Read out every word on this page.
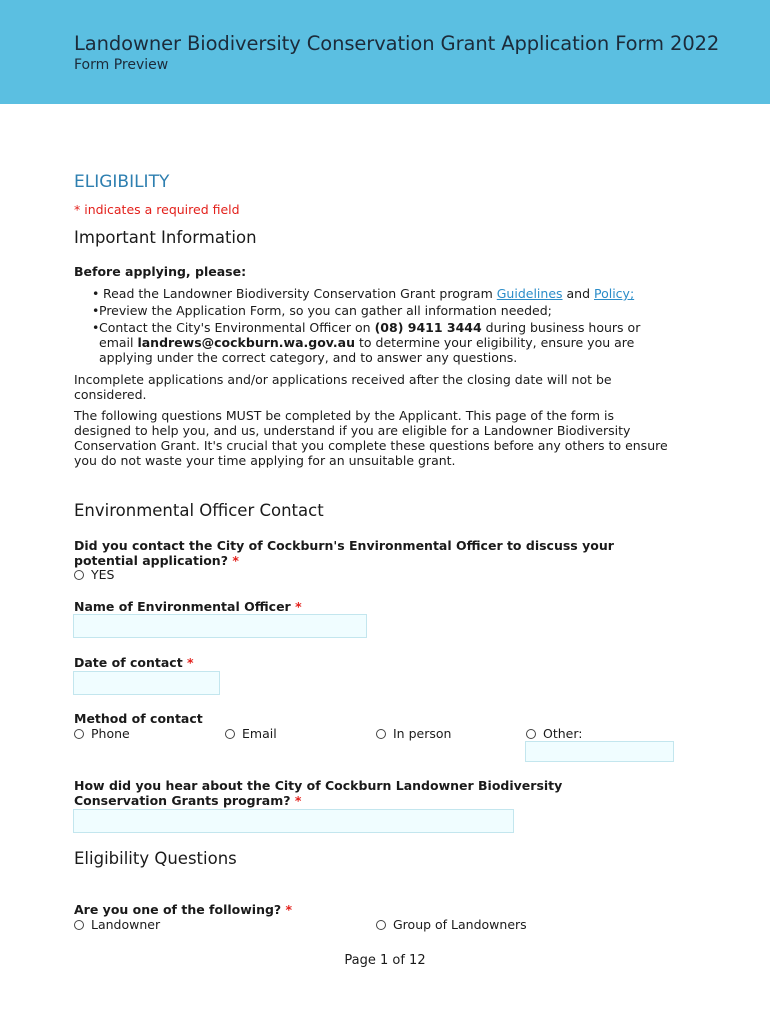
Landowner Biodiversity Conservation Grant Application Form 2022
Form Preview
ELIGIBILITY
* indicates a required field
Important Information
Before applying, please:
• Read the Landowner Biodiversity Conservation Grant program Guidelines and Policy;
• Preview the Application Form, so you can gather all information needed;
• Contact the City's Environmental Officer on (08) 9411 3444 during business hours or email landrews@cockburn.wa.gov.au to determine your eligibility, ensure you are applying under the correct category, and to answer any questions.
Incomplete applications and/or applications received after the closing date will not be considered.
The following questions MUST be completed by the Applicant. This page of the form is designed to help you, and us, understand if you are eligible for a Landowner Biodiversity Conservation Grant. It's crucial that you complete these questions before any others to ensure you do not waste your time applying for an unsuitable grant.
Environmental Officer Contact
Did you contact the City of Cockburn's Environmental Officer to discuss your potential application? *
YES
Name of Environmental Officer *
Date of contact *
Method of contact
Phone	Email	In person	Other:
How did you hear about the City of Cockburn Landowner Biodiversity Conservation Grants program? *
Eligibility Questions
Are you one of the following? *
Landowner	Group of Landowners
Page 1 of 12
